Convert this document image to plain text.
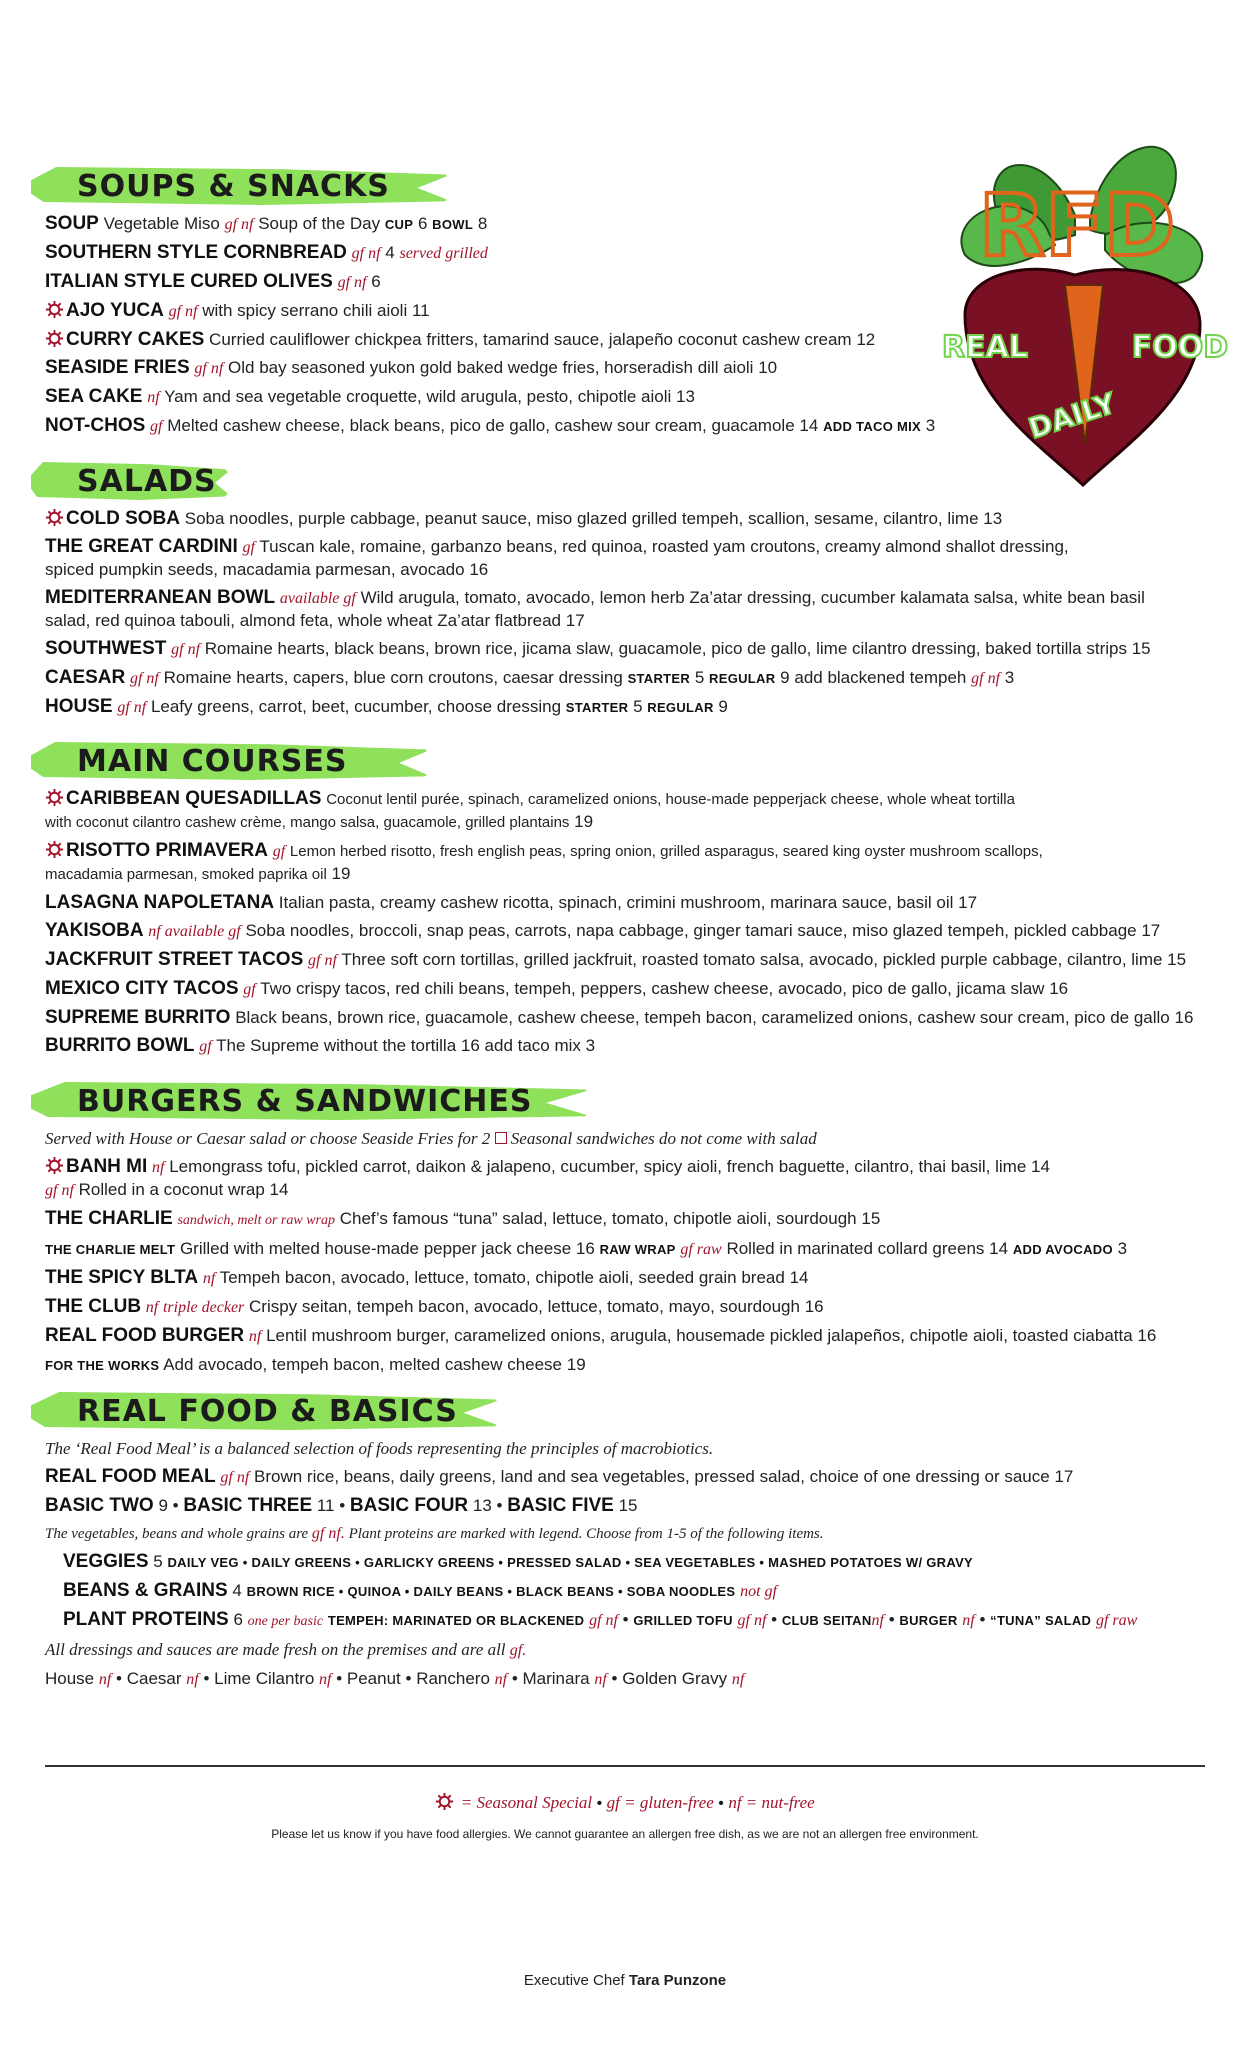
RFD
REAL	FOOD
DAILY
SOUPS & SNACKS
SOUP Vegetable Miso gf nf Soup of the Day CUP 6 BOWL 8
SOUTHERN STYLE CORNBREAD gf nf 4 served grilled
ITALIAN STYLE CURED OLIVES gf nf 6
AJO YUCA gf nf with spicy serrano chili aioli 11
CURRY CAKES Curried cauliflower chickpea fritters, tamarind sauce, jalapeño coconut cashew cream 12
SEASIDE FRIES gf nf Old bay seasoned yukon gold baked wedge fries, horseradish dill aioli 10
SEA CAKE nf Yam and sea vegetable croquette, wild arugula, pesto, chipotle aioli 13
NOT-CHOS gf Melted cashew cheese, black beans, pico de gallo, cashew sour cream, guacamole 14 ADD TACO MIX 3
SALADS
COLD SOBA Soba noodles, purple cabbage, peanut sauce, miso glazed grilled tempeh, scallion, sesame, cilantro, lime 13
THE GREAT CARDINI gf Tuscan kale, romaine, garbanzo beans, red quinoa, roasted yam croutons, creamy almond shallot dressing,
spiced pumpkin seeds, macadamia parmesan, avocado 16
MEDITERRANEAN BOWL available gf Wild arugula, tomato, avocado, lemon herb Za’atar dressing, cucumber kalamata salsa, white bean basil
salad, red quinoa tabouli, almond feta, whole wheat Za’atar flatbread 17
SOUTHWEST gf nf Romaine hearts, black beans, brown rice, jicama slaw, guacamole, pico de gallo, lime cilantro dressing, baked tortilla strips 15
CAESAR gf nf Romaine hearts, capers, blue corn croutons, caesar dressing STARTER 5 REGULAR 9 add blackened tempeh gf nf 3
HOUSE gf nf Leafy greens, carrot, beet, cucumber, choose dressing STARTER 5 REGULAR 9
MAIN COURSES
CARIBBEAN QUESADILLAS Coconut lentil purée, spinach, caramelized onions, house-made pepperjack cheese, whole wheat tortilla
with coconut cilantro cashew crème, mango salsa, guacamole, grilled plantains 19
RISOTTO PRIMAVERA gf Lemon herbed risotto, fresh english peas, spring onion, grilled asparagus, seared king oyster mushroom scallops,
macadamia parmesan, smoked paprika oil 19
LASAGNA NAPOLETANA Italian pasta, creamy cashew ricotta, spinach, crimini mushroom, marinara sauce, basil oil 17
YAKISOBA nf available gf Soba noodles, broccoli, snap peas, carrots, napa cabbage, ginger tamari sauce, miso glazed tempeh, pickled cabbage 17
JACKFRUIT STREET TACOS gf nf Three soft corn tortillas, grilled jackfruit, roasted tomato salsa, avocado, pickled purple cabbage, cilantro, lime 15
MEXICO CITY TACOS gf Two crispy tacos, red chili beans, tempeh, peppers, cashew cheese, avocado, pico de gallo, jicama slaw 16
SUPREME BURRITO Black beans, brown rice, guacamole, cashew cheese, tempeh bacon, caramelized onions, cashew sour cream, pico de gallo 16
BURRITO BOWL gf The Supreme without the tortilla 16 add taco mix 3
BURGERS & SANDWICHES
Served with House or Caesar salad or choose Seaside Fries for 2 Seasonal sandwiches do not come with salad
BANH MI nf Lemongrass tofu, pickled carrot, daikon & jalapeno, cucumber, spicy aioli, french baguette, cilantro, thai basil, lime 14
gf nf Rolled in a coconut wrap 14
THE CHARLIE sandwich, melt or raw wrap Chef’s famous “tuna” salad, lettuce, tomato, chipotle aioli, sourdough 15
THE CHARLIE MELT Grilled with melted house-made pepper jack cheese 16 RAW WRAP gf raw Rolled in marinated collard greens 14 ADD AVOCADO 3
THE SPICY BLTA nf Tempeh bacon, avocado, lettuce, tomato, chipotle aioli, seeded grain bread 14
THE CLUB nf triple decker Crispy seitan, tempeh bacon, avocado, lettuce, tomato, mayo, sourdough 16
REAL FOOD BURGER nf Lentil mushroom burger, caramelized onions, arugula, housemade pickled jalapeños, chipotle aioli, toasted ciabatta 16
FOR THE WORKS Add avocado, tempeh bacon, melted cashew cheese 19
REAL FOOD & BASICS
The ‘Real Food Meal’ is a balanced selection of foods representing the principles of macrobiotics.
REAL FOOD MEAL gf nf Brown rice, beans, daily greens, land and sea vegetables, pressed salad, choice of one dressing or sauce 17
BASIC TWO 9 • BASIC THREE 11 • BASIC FOUR 13 • BASIC FIVE 15
The vegetables, beans and whole grains are gf nf. Plant proteins are marked with legend. Choose from 1-5 of the following items.
VEGGIES 5 DAILY VEG • DAILY GREENS • GARLICKY GREENS • PRESSED SALAD • SEA VEGETABLES • MASHED POTATOES W/ GRAVY
BEANS & GRAINS 4 BROWN RICE • QUINOA • DAILY BEANS • BLACK BEANS • SOBA NOODLES not gf
PLANT PROTEINS 6 one per basic TEMPEH: MARINATED OR BLACKENED gf nf • GRILLED TOFU gf nf • CLUB SEITANnf • BURGER nf • “TUNA” SALAD gf raw
All dressings and sauces are made fresh on the premises and are all gf.
House nf • Caesar nf • Lime Cilantro nf • Peanut • Ranchero nf • Marinara nf • Golden Gravy nf
= Seasonal Special • gf = gluten-free • nf = nut-free
Please let us know if you have food allergies. We cannot guarantee an allergen free dish, as we are not an allergen free environment.
Executive Chef Tara Punzone
